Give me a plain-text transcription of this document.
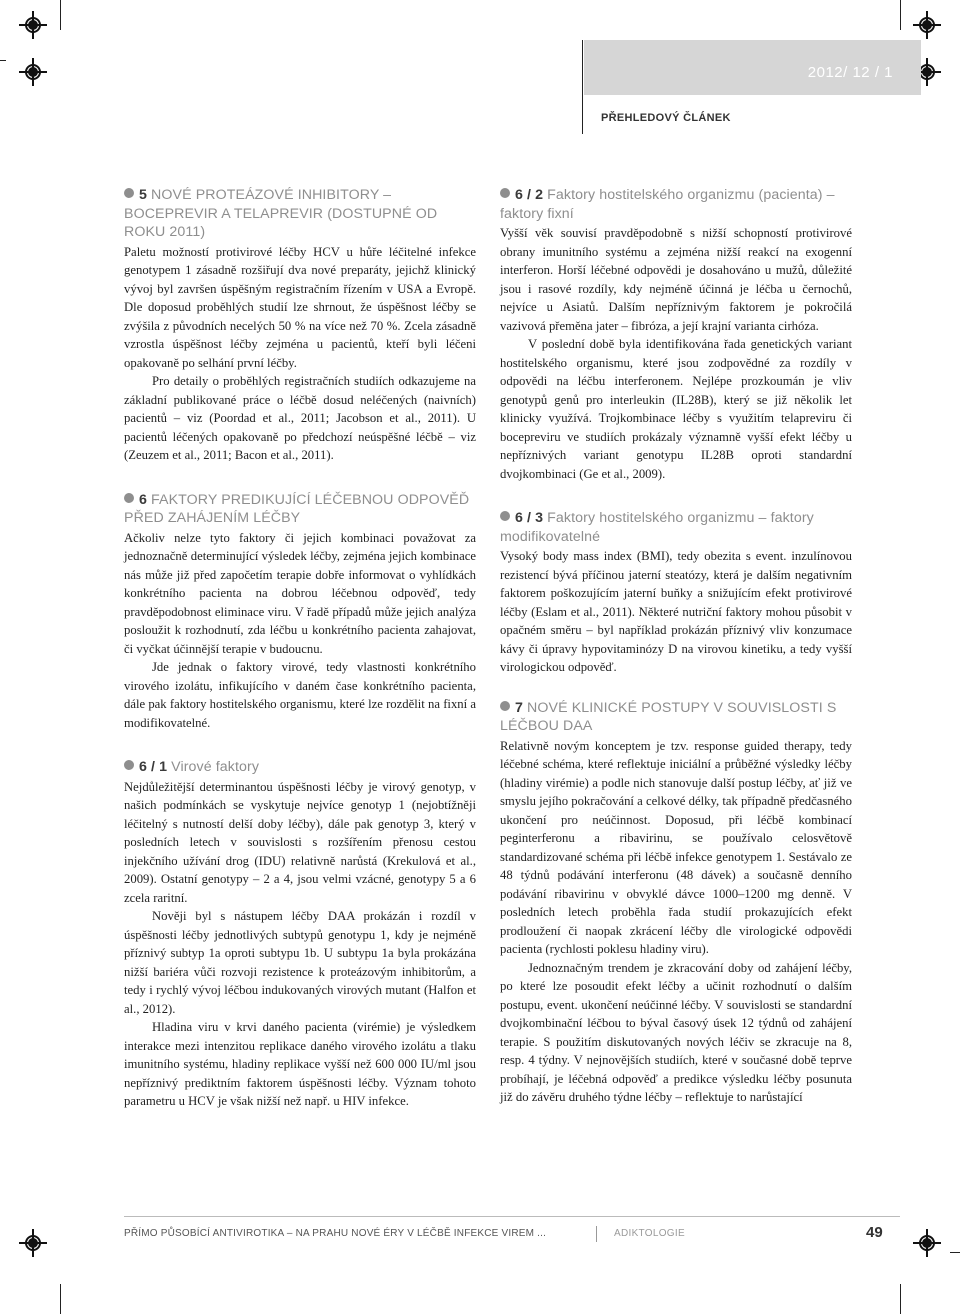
2012/ 12 / 1
PŘEHLEDOVÝ ČLÁNEK
5 NOVÉ PROTEÁZOVÉ INHIBITORY – BOCEPREVIR A TELAPREVIR (DOSTUPNÉ OD ROKU 2011)

Paletu možností protivirové léčby HCV u hůře léčitelné infekce genotypem 1 zásadně rozšiřují dva nové preparáty, jejichž klinický vývoj byl završen úspěšným registračním řízením v USA a Evropě. Dle doposud proběhlých studií lze shrnout, že úspěšnost léčby se zvýšila z původních necelých 50 % na více než 70 %. Zcela zásadně vzrostla úspěšnost léčby zejména u pacientů, kteří byli léčeni opakovaně po selhání první léčby.

Pro detaily o proběhlých registračních studiích odkazujeme na základní publikované práce o léčbě dosud neléčených (naivních) pacientů – viz (Poordad et al., 2011; Jacobson et al., 2011). U pacientů léčených opakovaně po předchozí neúspěšné léčbě – viz (Zeuzem et al., 2011; Bacon et al., 2011).

6 FAKTORY PREDIKUJÍCÍ LÉČEBNOU ODPOVĚĎ PŘED ZAHÁJENÍM LÉČBY

Ačkoliv nelze tyto faktory či jejich kombinaci považovat za jednoznačně determinující výsledek léčby, zejména jejich kombinace nás může již před započetím terapie dobře informovat o vyhlídkách konkrétního pacienta na dobrou léčebnou odpověď, tedy pravděpodobnost eliminace viru. V řadě případů může jejich analýza posloužit k rozhodnutí, zda léčbu u konkrétního pacienta zahajovat, či vyčkat účinnější terapie v budoucnu.

Jde jednak o faktory virové, tedy vlastnosti konkrétního virového izolátu, infikujícího v daném čase konkrétního pacienta, dále pak faktory hostitelského organismu, které lze rozdělit na fixní a modifikovatelné.

6 / 1 Virové faktory

Nejdůležitější determinantou úspěšnosti léčby je virový genotyp, v našich podmínkách se vyskytuje nejvíce genotyp 1 (nejobtížněji léčitelný s nutností delší doby léčby), dále pak genotyp 3, který v posledních letech v souvislosti s rozšířením přenosu cestou injekčního užívání drog (IDU) relativně narůstá (Krekulová et al., 2009). Ostatní genotypy – 2 a 4, jsou velmi vzácné, genotypy 5 a 6 zcela raritní.

Nověji byl s nástupem léčby DAA prokázán i rozdíl v úspěšnosti léčby jednotlivých subtypů genotypu 1, kdy je nejméně příznivý subtyp 1a oproti subtypu 1b. U subtypu 1a byla prokázána nižší bariéra vůči rozvoji rezistence k proteázovým inhibitorům, a tedy i rychlý vývoj léčbou indukovaných virových mutant (Halfon et al., 2012).

Hladina viru v krvi daného pacienta (virémie) je výsledkem interakce mezi intenzitou replikace daného virového izolátu a tlaku imunitního systému, hladiny replikace vyšší než 600 000 IU/ml jsou nepříznivý prediktním faktorem úspěšnosti léčby. Význam tohoto parametru u HCV je však nižší než např. u HIV infekce.

6 / 2 Faktory hostitelského organizmu (pacienta) – faktory fixní

Vyšší věk souvisí pravděpodobně s nižší schopností protivirové obrany imunitního systému a zejména nižší reakcí na exogenní interferon. Horší léčebné odpovědi je dosahováno u mužů, důležité jsou i rasové rozdíly, kdy nejméně účinná je léčba u černochů, nejvíce u Asiatů. Dalším nepříznivým faktorem je pokročilá vazivová přeměna jater – fibróza, a její krajní varianta cirhóza.

V poslední době byla identifikována řada genetických variant hostitelského organismu, které jsou zodpovědné za rozdíly v odpovědi na léčbu interferonem. Nejlépe prozkoumán je vliv genotypů genů pro interleukin (IL28B), který se již několik let klinicky využívá. Trojkombinace léčby s využitím telapreviru či bocepreviru ve studiích prokázaly významně vyšší efekt léčby u nepříznivých variant genotypu IL28B oproti standardní dvojkombinaci (Ge et al., 2009).

6 / 3 Faktory hostitelského organizmu – faktory modifikovatelné

Vysoký body mass index (BMI), tedy obezita s event. inzulínovou rezistencí bývá příčinou jaterní steatózy, která je dalším negativním faktorem poškozujícím jaterní buňky a snižujícím efekt protivirové léčby (Eslam et al., 2011). Některé nutriční faktory mohou působit v opačném směru – byl například prokázán příznivý vliv konzumace kávy či úpravy hypovitaminózy D na virovou kinetiku, a tedy vyšší virologickou odpověď.

7 NOVÉ KLINICKÉ POSTUPY V SOUVISLOSTI S LÉČBOU DAA

Relativně novým konceptem je tzv. response guided therapy, tedy léčebné schéma, které reflektuje iniciální a průběžné výsledky léčby (hladiny virémie) a podle nich stanovuje další postup léčby, ať již ve smyslu jejího pokračování a celkové délky, tak případně předčasného ukončení pro neúčinnost. Doposud, při léčbě kombinací peginterferonu a ribavirinu, se používalo celosvětově standardizované schéma při léčbě infekce genotypem 1. Sestávalo ze 48 týdnů podávání interferonu (48 dávek) a současně denního podávání ribavirinu v obvyklé dávce 1000–1200 mg denně. V posledních letech proběhla řada studií prokazujících efekt prodloužení či naopak zkrácení léčby dle virologické odpovědi pacienta (rychlosti poklesu hladiny viru).

Jednoznačným trendem je zkracování doby od zahájení léčby, po které lze posoudit efekt léčby a učinit rozhodnutí o dalším postupu, event. ukončení neúčinné léčby. V souvislosti se standardní dvojkombinační léčbou to býval časový úsek 12 týdnů od zahájení terapie. S použitím diskutovaných nových léčiv se zkracuje na 8, resp. 4 týdny. V nejnovějších studiích, které v současné době teprve probíhají, je léčebná odpověď a predikce výsledku léčby posunuta již do závěru druhého týdne léčby – reflektuje to narůstající

PŘÍMO PŮSOBÍCÍ ANTIVIROTIKA – NA PRAHU NOVÉ ÉRY V LÉČBĚ INFEKCE VIREM ...	ADIKTOLOGIE	49
